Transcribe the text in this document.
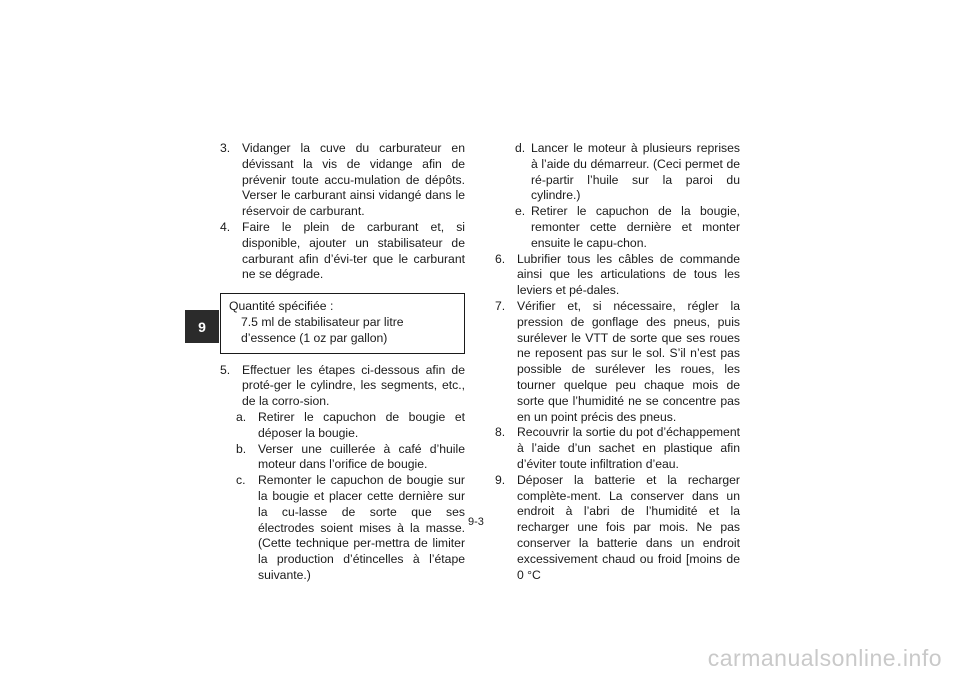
9
3. Vidanger la cuve du carburateur en dévissant la vis de vidange afin de prévenir toute accu-mulation de dépôts. Verser le carburant ainsi vidangé dans le réservoir de carburant.
4. Faire le plein de carburant et, si disponible, ajouter un stabilisateur de carburant afin d’évi-ter que le carburant ne se dégrade.
Quantité spécifiée :
7.5 ml de stabilisateur par litre d’essence (1 oz par gallon)
5. Effectuer les étapes ci-dessous afin de proté-ger le cylindre, les segments, etc., de la corro-sion.
a. Retirer le capuchon de bougie et déposer la bougie.
b. Verser une cuillerée à café d’huile moteur dans l’orifice de bougie.
c. Remonter le capuchon de bougie sur la bougie et placer cette dernière sur la cu-lasse de sorte que ses électrodes soient mises à la masse. (Cette technique per-mettra de limiter la production d’étincelles à l’étape suivante.)
d. Lancer le moteur à plusieurs reprises à l’aide du démarreur. (Ceci permet de ré-partir l’huile sur la paroi du cylindre.)
e. Retirer le capuchon de la bougie, remonter cette dernière et monter ensuite le capu-chon.
6. Lubrifier tous les câbles de commande ainsi que les articulations de tous les leviers et pé-dales.
7. Vérifier et, si nécessaire, régler la pression de gonflage des pneus, puis surélever le VTT de sorte que ses roues ne reposent pas sur le sol. S’il n’est pas possible de surélever les roues, les tourner quelque peu chaque mois de sorte que l’humidité ne se concentre pas en un point précis des pneus.
8. Recouvrir la sortie du pot d’échappement à l’aide d’un sachet en plastique afin d’éviter toute infiltration d’eau.
9. Déposer la batterie et la recharger complète-ment. La conserver dans un endroit à l’abri de l’humidité et la recharger une fois par mois. Ne pas conserver la batterie dans un endroit excessivement chaud ou froid [moins de 0 °C
9-3
carmanualsonline.info
